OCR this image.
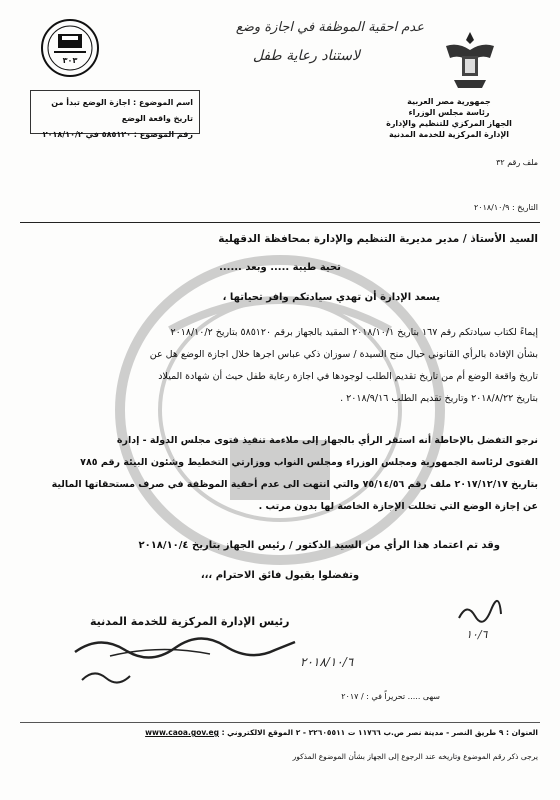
عدم احقية الموظفة في اجازة وضع
لاستناد رعاية طفل
٣٠٣
اسم الموضوع : اجازة الوضع تبدأ من تاريخ واقعة الوضع
رقم الموضوع : ٥٨٥١٢٠ في ٢٠١٨/١٠/٢
جمهورية مصر العربية
رئاسة مجلس الوزراء
الجهاز المركزي للتنظيم والإدارة
الإدارة المركزية للخدمة المدنية
ملف رقم ٣٢
التاريخ : ٢٠١٨/١٠/٩
السيد الأستاذ / مدير مديرية التنظيم والإدارة بمحافظة الدقهلية
تحية طيبة ..... وبعد ......
يسعد الإدارة أن تهدي سيادتكم وافر تحياتها ،
إيماءً لكتاب سيادتكم رقم ١٦٧ بتاريخ ٢٠١٨/١٠/١ المقيد بالجهاز برقم ٥٨٥١٢٠ بتاريخ ٢٠١٨/١٠/٢
بشأن الإفادة بالرأي القانوني حيال منح السيدة / سوزان ذكي عباس اجرها خلال اجازة الوضع هل عن
تاريخ واقعة الوضع أم من تاريخ تقديم الطلب لوجودها في اجازة رعاية طفل حيث أن شهادة الميلاد
بتاريخ ٢٠١٨/٨/٢٢ وتاريخ تقديم الطلب ٢٠١٨/٩/١٦ .
نرجو التفضل بالإحاطة أنه استقر الرأي بالجهاز إلى ملاءمة تنفيذ فتوى مجلس الدولة - إدارة
الفتوى لرئاسة الجمهورية ومجلس الوزراء ومجلس النواب ووزارتي التخطيط وشئون البيئة رقم ٧٨٥
بتاريخ ٢٠١٧/١٢/١٧ ملف رقم ٧٥/١٤/٥٦ والتي انتهت الى عدم أحقية الموظفة في صرف مستحقاتها المالية
عن إجازة الوضع التي تخللت الإجازة الخاصة لها بدون مرتب .
وقد تم اعتماد هذا الرأي من السيد الدكتور / رئيس الجهاز بتاريخ ٢٠١٨/١٠/٤
وتفضلوا بقبول فائق الاحترام ،،،
رئيس الإدارة المركزية للخدمة المدنية
٢٠١٨/١٠/٦
١٠/٦
سهى ..... تحريراً في : / ٢٠١٧
العنوان : ٩ طريق النصر - مدينة نصر ص.ب ١١٧٦٦ ت ٢٢٦٠٥٥١١ - ٢ الموقع الالكتروني : www.caoa.gov.eg
يرجى ذكر رقم الموضوع وتاريخه عند الرجوع إلى الجهاز بشأن الموضوع المذكور
